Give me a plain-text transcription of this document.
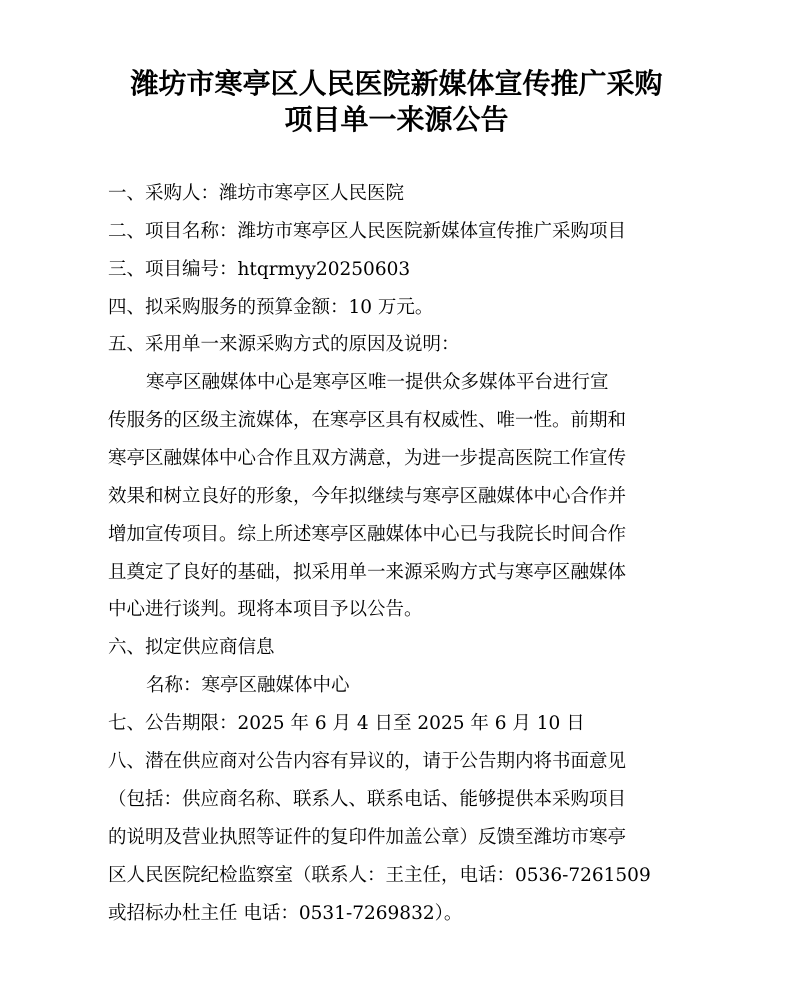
潍坊市寒亭区人民医院新媒体宣传推广采购
项目单一来源公告
一、采购人：潍坊市寒亭区人民医院
二、项目名称：潍坊市寒亭区人民医院新媒体宣传推广采购项目
三、项目编号：htqrmyy20250603
四、拟采购服务的预算金额：10 万元。
五、采用单一来源采购方式的原因及说明：
寒亭区融媒体中心是寒亭区唯一提供众多媒体平台进行宣
传服务的区级主流媒体，在寒亭区具有权威性、唯一性。前期和
寒亭区融媒体中心合作且双方满意，为进一步提高医院工作宣传
效果和树立良好的形象，今年拟继续与寒亭区融媒体中心合作并
增加宣传项目。综上所述寒亭区融媒体中心已与我院长时间合作
且奠定了良好的基础，拟采用单一来源采购方式与寒亭区融媒体
中心进行谈判。现将本项目予以公告。
六、拟定供应商信息
名称：寒亭区融媒体中心
七、公告期限：2025 年 6 月 4 日至 2025 年 6 月 10 日
八、潜在供应商对公告内容有异议的，请于公告期内将书面意见
（包括：供应商名称、联系人、联系电话、能够提供本采购项目
的说明及营业执照等证件的复印件加盖公章）反馈至潍坊市寒亭
区人民医院纪检监察室（联系人：王主任，电话：0536-7261509
或招标办杜主任 电话：0531-7269832）。
